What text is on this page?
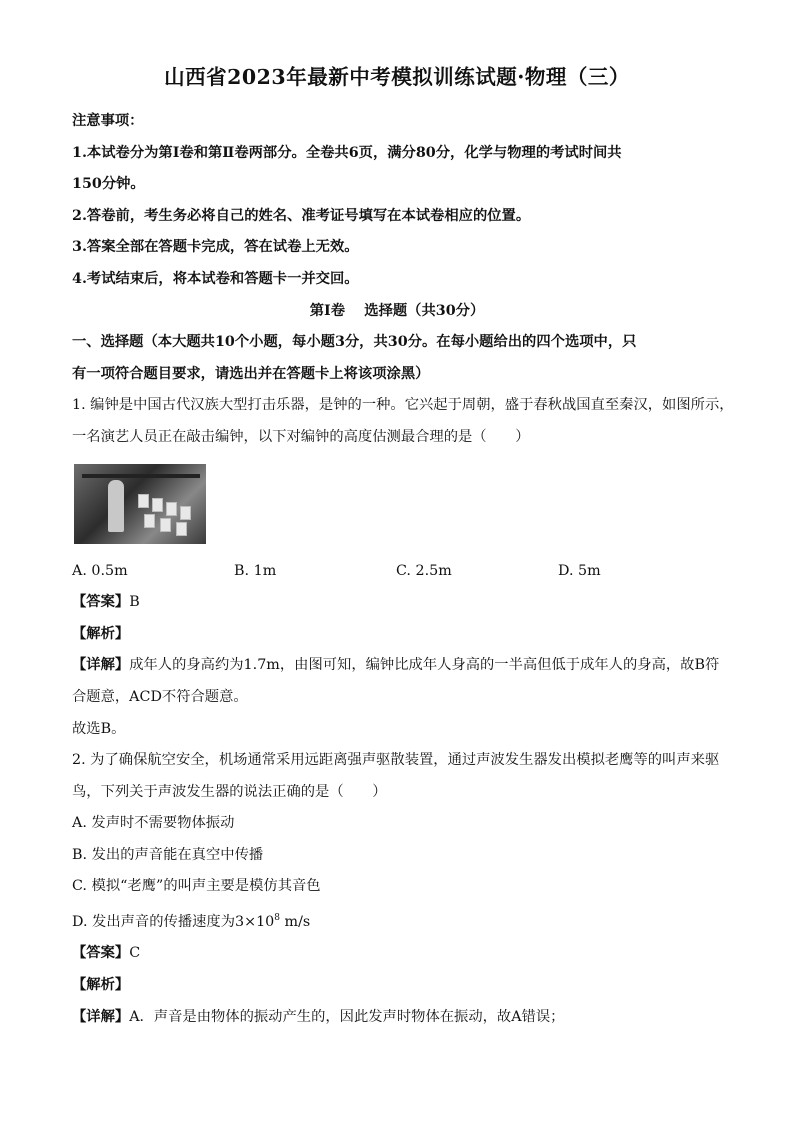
山西省2023年最新中考模拟训练试题·物理（三）
注意事项：
1.本试卷分为第Ⅰ卷和第Ⅱ卷两部分。全卷共6页，满分80分，化学与物理的考试时间共
150分钟。
2.答卷前，考生务必将自己的姓名、准考证号填写在本试卷相应的位置。
3.答案全部在答题卡完成，答在试卷上无效。
4.考试结束后，将本试卷和答题卡一并交回。
第Ⅰ卷　 选择题（共30分）
一、选择题（本大题共10个小题，每小题3分，共30分。在每小题给出的四个选项中，只
有一项符合题目要求，请选出并在答题卡上将该项涂黑）
1. 编钟是中国古代汉族大型打击乐器，是钟的一种。它兴起于周朝，盛于春秋战国直至秦汉，如图所示，
一名演艺人员正在敲击编钟，以下对编钟的高度估测最合理的是（　　）
A. 0.5m	B. 1m	C. 2.5m	D. 5m
【答案】B
【解析】
【详解】成年人的身高约为1.7m，由图可知，编钟比成年人身高的一半高但低于成年人的身高，故B符
合题意，ACD不符合题意。
故选B。
2. 为了确保航空安全，机场通常采用远距离强声驱散装置，通过声波发生器发出模拟老鹰等的叫声来驱
鸟，下列关于声波发生器的说法正确的是（　　）
A. 发声时不需要物体振动
B. 发出的声音能在真空中传播
C. 模拟“老鹰”的叫声主要是模仿其音色
D. 发出声音的传播速度为$3\times 10^8$ m/s
【答案】C
【解析】
【详解】A．声音是由物体的振动产生的，因此发声时物体在振动，故A错误；
